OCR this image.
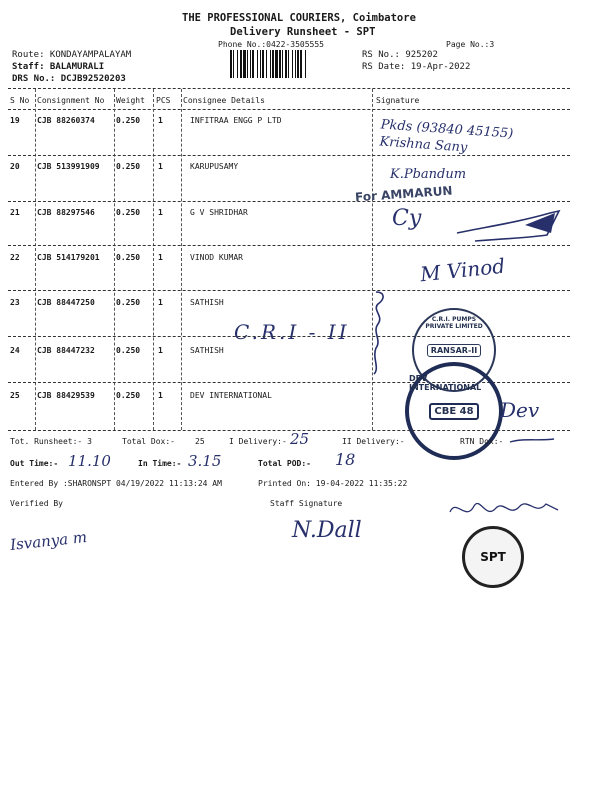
THE PROFESSIONAL COURIERS, Coimbatore
Delivery Runsheet - SPT
Phone No.:0422-3505555	Page No.:3
Route: KONDAYAMPALAYAM
Staff: BALAMURALI
DRS No.: DCJB92520203
RS No.: 925202
RS Date: 19-Apr-2022
S No Consignment No Weight PCS Consignee Details	Signature
19 CJB 88260374	0.250 1	INFITRAA ENGG P LTD	Pkds (93840 45155) Krishna Sany
20 CJB 513991909 0.250 1	KARUPUSAMY
K.Pbandum
For AMMARUN
21 CJB 88297546	0.250 1	G V SHRIDHAR	Cy
22 CJB 514179201 0.250 1	VINOD KUMAR	M Vinod
23 CJB 88447250	0.250 1	SATHISH
C.R.I - II
24 CJB 88447232	0.250 1	SATHISH
C.R.I. PUMPS PRIVATE LIMITED
RANSAR-II
25 CJB 88429539	0.250 1	DEV INTERNATIONAL
DEV INTERNATIONAL
CBE 48 Dev
Tot. Runsheet:- 3	Total Dox:-	25	I Delivery:- 25	II Delivery:-	RTN Dox:-
Out Time:- 11.10	In Time:- 3.15	Total POD:- 18
Entered By :SHARONSPT 04/19/2022 11:13:24 AM	Printed On: 19-04-2022 11:35:22
Verified By	Staff Signature
Isvanya m	N.Dall
SPT
